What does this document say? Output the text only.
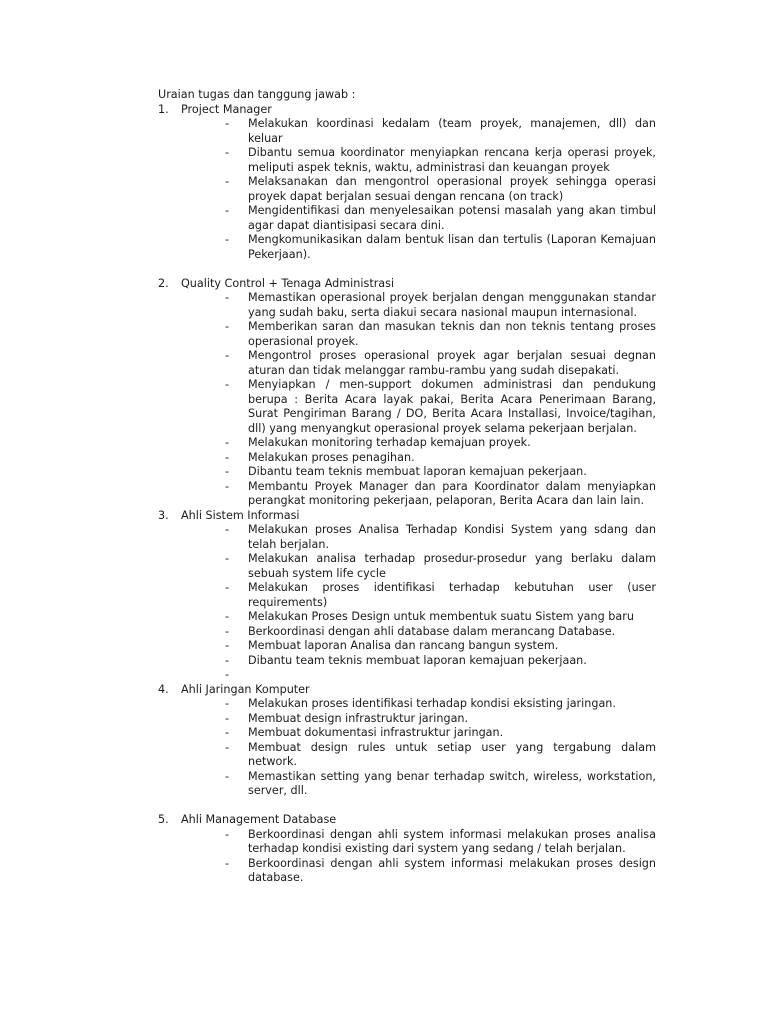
Uraian tugas dan tanggung jawab :

1.	Project Manager
-	Melakukan koordinasi kedalam (team proyek, manajemen, dll) dan keluar
-	Dibantu semua koordinator menyiapkan rencana kerja operasi proyek, meliputi aspek teknis, waktu, administrasi dan keuangan proyek
-	Melaksanakan dan mengontrol operasional proyek sehingga operasi proyek dapat berjalan sesuai dengan rencana (on track)
-	Mengidentifikasi dan menyelesaikan potensi masalah yang akan timbul agar dapat diantisipasi secara dini.
-	Mengkomunikasikan dalam bentuk lisan dan tertulis (Laporan Kemajuan Pekerjaan).
2.	Quality Control + Tenaga Administrasi
-	Memastikan operasional proyek berjalan dengan menggunakan standar yang sudah baku, serta diakui secara nasional maupun internasional.
-	Memberikan saran dan masukan teknis dan non teknis tentang proses operasional proyek.
-	Mengontrol proses operasional proyek agar berjalan sesuai degnan aturan dan tidak melanggar rambu-rambu yang sudah disepakati.
-	Menyiapkan / men-support dokumen administrasi dan pendukung berupa : Berita Acara layak pakai, Berita Acara Penerimaan Barang, Surat Pengiriman Barang / DO, Berita Acara Installasi, Invoice/tagihan, dll) yang menyangkut operasional proyek selama pekerjaan berjalan.
-	Melakukan monitoring terhadap kemajuan proyek.
-	Melakukan proses penagihan.
-	Dibantu team teknis membuat laporan kemajuan pekerjaan.
-	Membantu Proyek Manager dan para Koordinator dalam menyiapkan perangkat monitoring pekerjaan, pelaporan, Berita Acara dan lain lain.
3.	Ahli Sistem Informasi
-	Melakukan proses Analisa Terhadap Kondisi System yang sdang dan telah berjalan.
-	Melakukan analisa terhadap prosedur-prosedur yang berlaku dalam sebuah system life cycle
-	Melakukan proses identifikasi terhadap kebutuhan user (user requirements)
-	Melakukan Proses Design untuk membentuk suatu Sistem yang baru
-	Berkoordinasi dengan ahli database dalam merancang Database.
-	Membuat laporan Analisa dan rancang bangun system.
-	Dibantu team teknis membuat laporan kemajuan pekerjaan.
-
4.	Ahli Jaringan Komputer
-	Melakukan proses identifikasi terhadap kondisi eksisting jaringan.
-	Membuat design infrastruktur jaringan.
-	Membuat dokumentasi infrastruktur jaringan.
-	Membuat design rules untuk setiap user yang tergabung dalam network.
-	Memastikan setting yang benar terhadap switch, wireless, workstation, server, dll.
5.	Ahli Management Database
-	Berkoordinasi dengan ahli system informasi melakukan proses analisa terhadap kondisi existing dari system yang sedang / telah berjalan.
-	Berkoordinasi dengan ahli system informasi melakukan proses design database.
